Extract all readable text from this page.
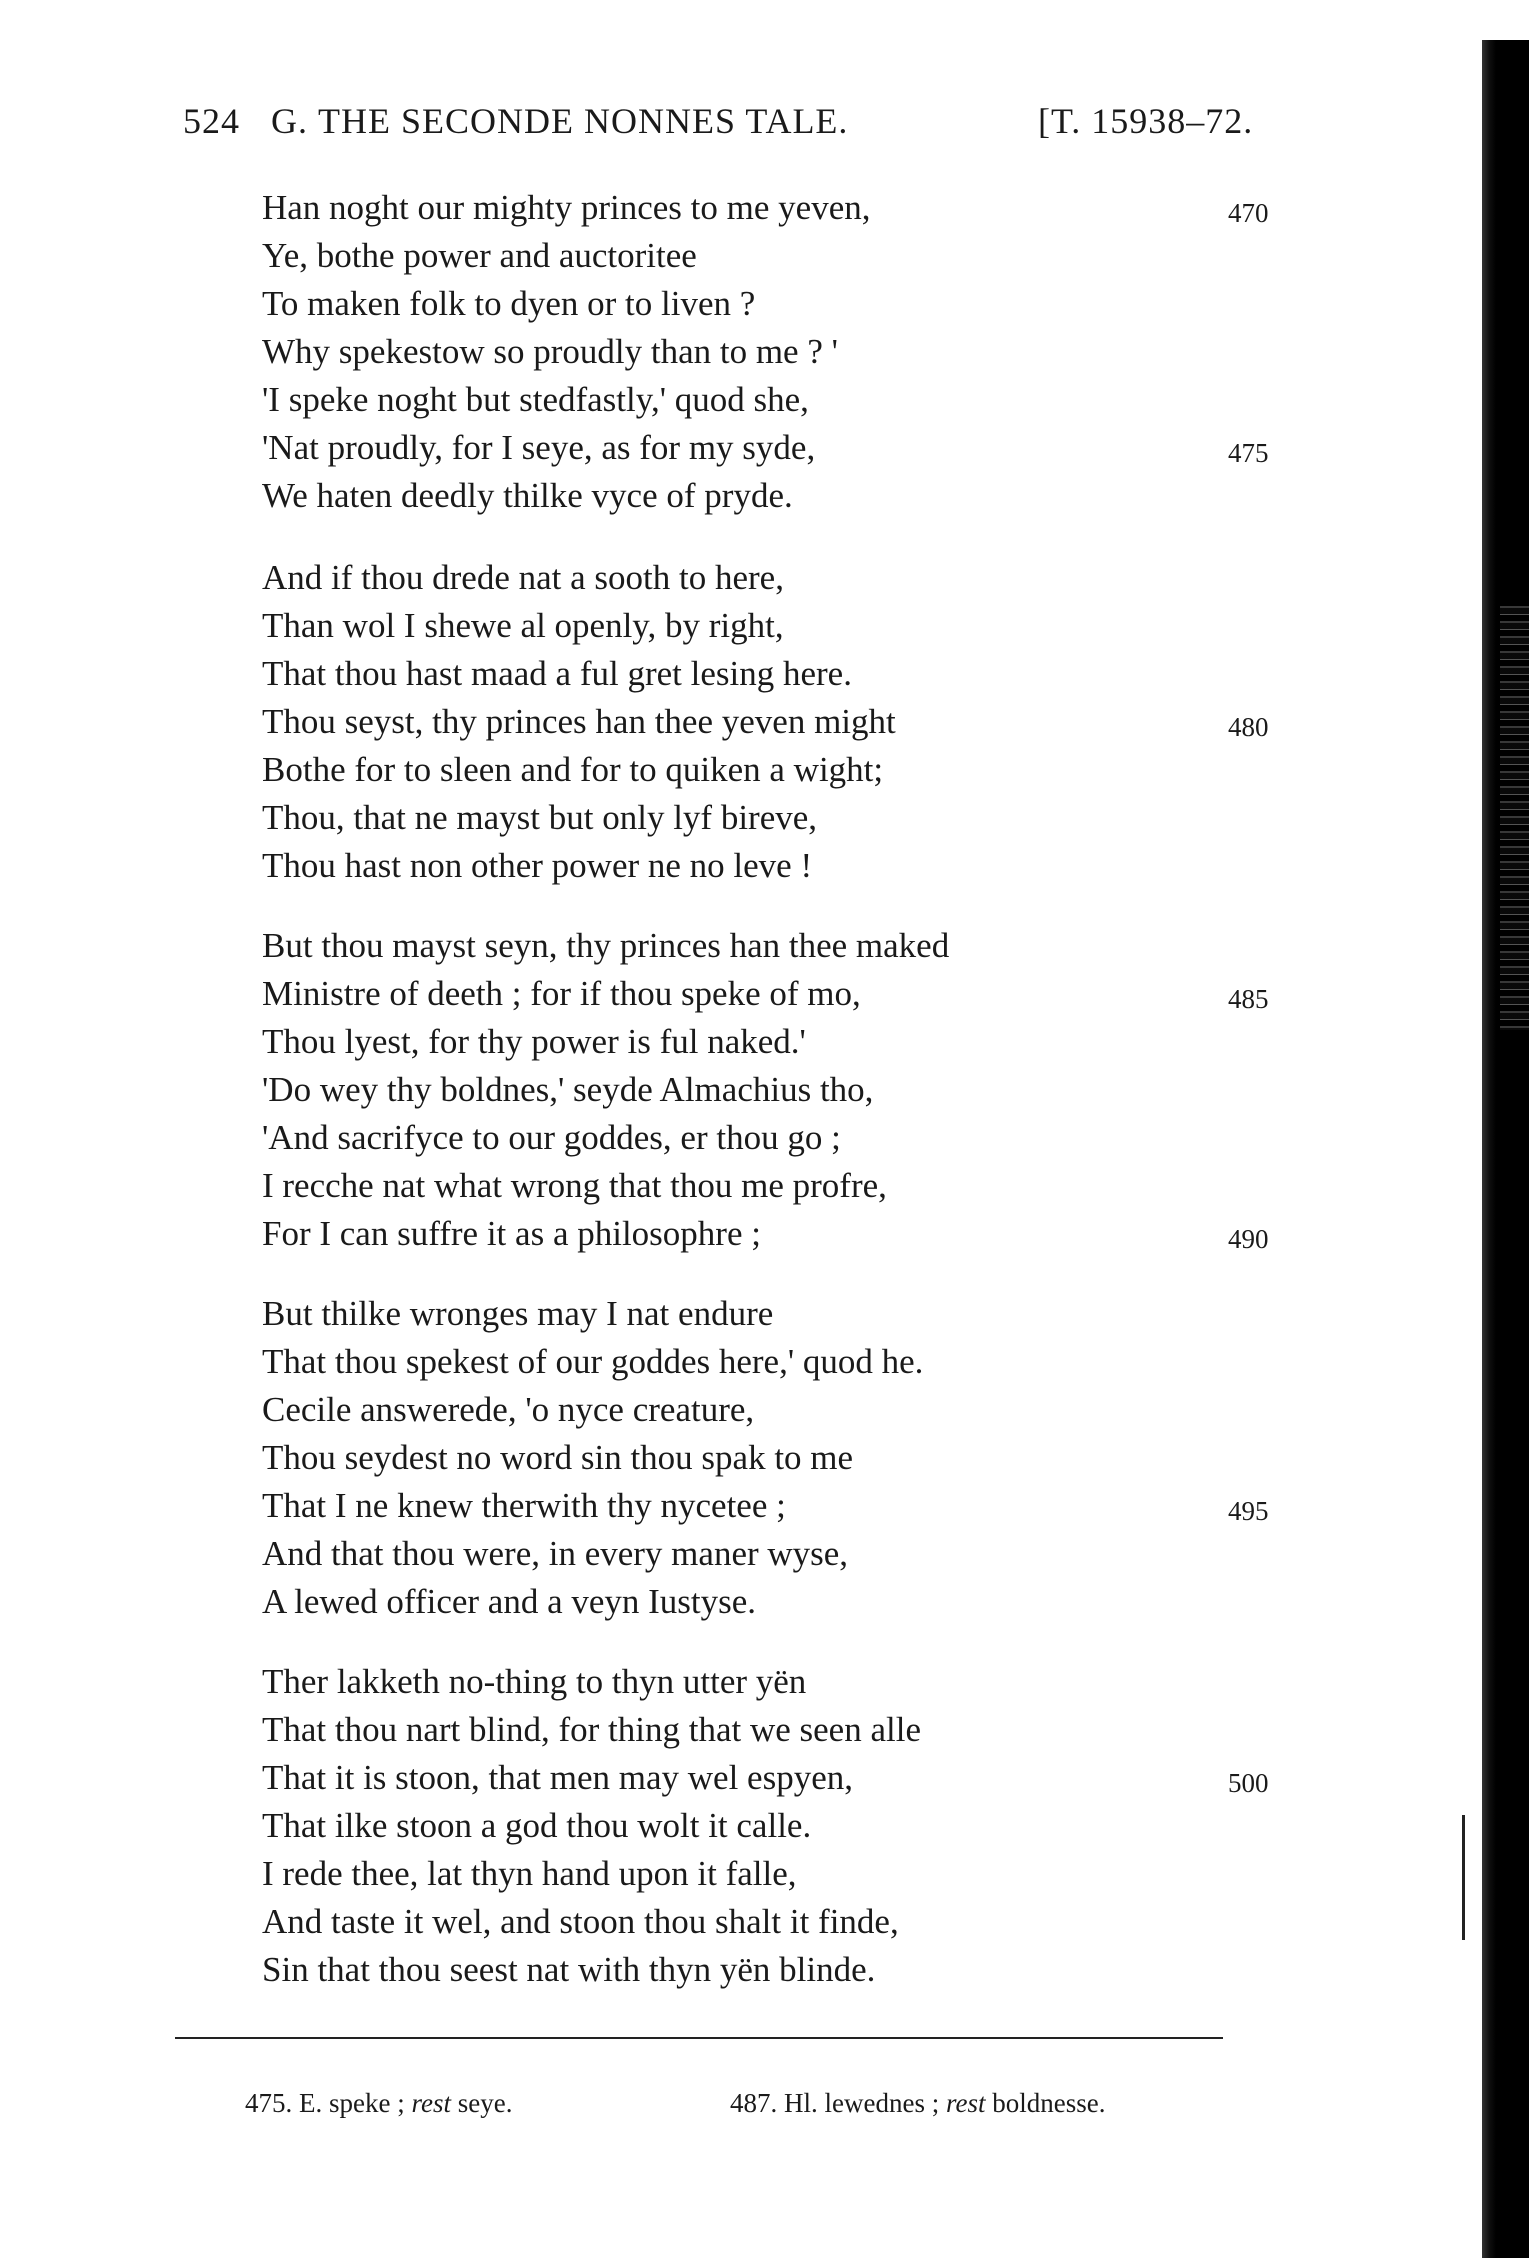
524 G. THE SECONDE NONNES TALE.	[T. 15938–72.
Han noght our mighty princes to me yeven,
Ye, bothe power and auctoritee
To maken folk to dyen or to liven ?
Why spekestow so proudly than to me ? '
'I speke noght but stedfastly,' quod she,
'Nat proudly, for I seye, as for my syde,
We haten deedly thilke vyce of pryde.
And if thou drede nat a sooth to here,
Than wol I shewe al openly, by right,
That thou hast maad a ful gret lesing here.
Thou seyst, thy princes han thee yeven might
Bothe for to sleen and for to quiken a wight;
Thou, that ne mayst but only lyf bireve,
Thou hast non other power ne no leve !
But thou mayst seyn, thy princes han thee maked
Ministre of deeth ; for if thou speke of mo,
Thou lyest, for thy power is ful naked.'
'Do wey thy boldnes,' seyde Almachius tho,
'And sacrifyce to our goddes, er thou go ;
I recche nat what wrong that thou me profre,
For I can suffre it as a philosophre ;
But thilke wronges may I nat endure
That thou spekest of our goddes here,' quod he.
Cecile answerede, 'o nyce creature,
Thou seydest no word sin thou spak to me
That I ne knew therwith thy nycetee ;
And that thou were, in every maner wyse,
A lewed officer and a veyn Iustyse.
Ther lakketh no-thing to thyn utter yën
That thou nart blind, for thing that we seen alle
That it is stoon, that men may wel espyen,
That ilke stoon a god thou wolt it calle.
I rede thee, lat thyn hand upon it falle,
And taste it wel, and stoon thou shalt it finde,
Sin that thou seest nat with thyn yën blinde.
470
475
480
485
490
495
500
475. E. speke ; rest seye.	487. Hl. lewednes ; rest boldnesse.
